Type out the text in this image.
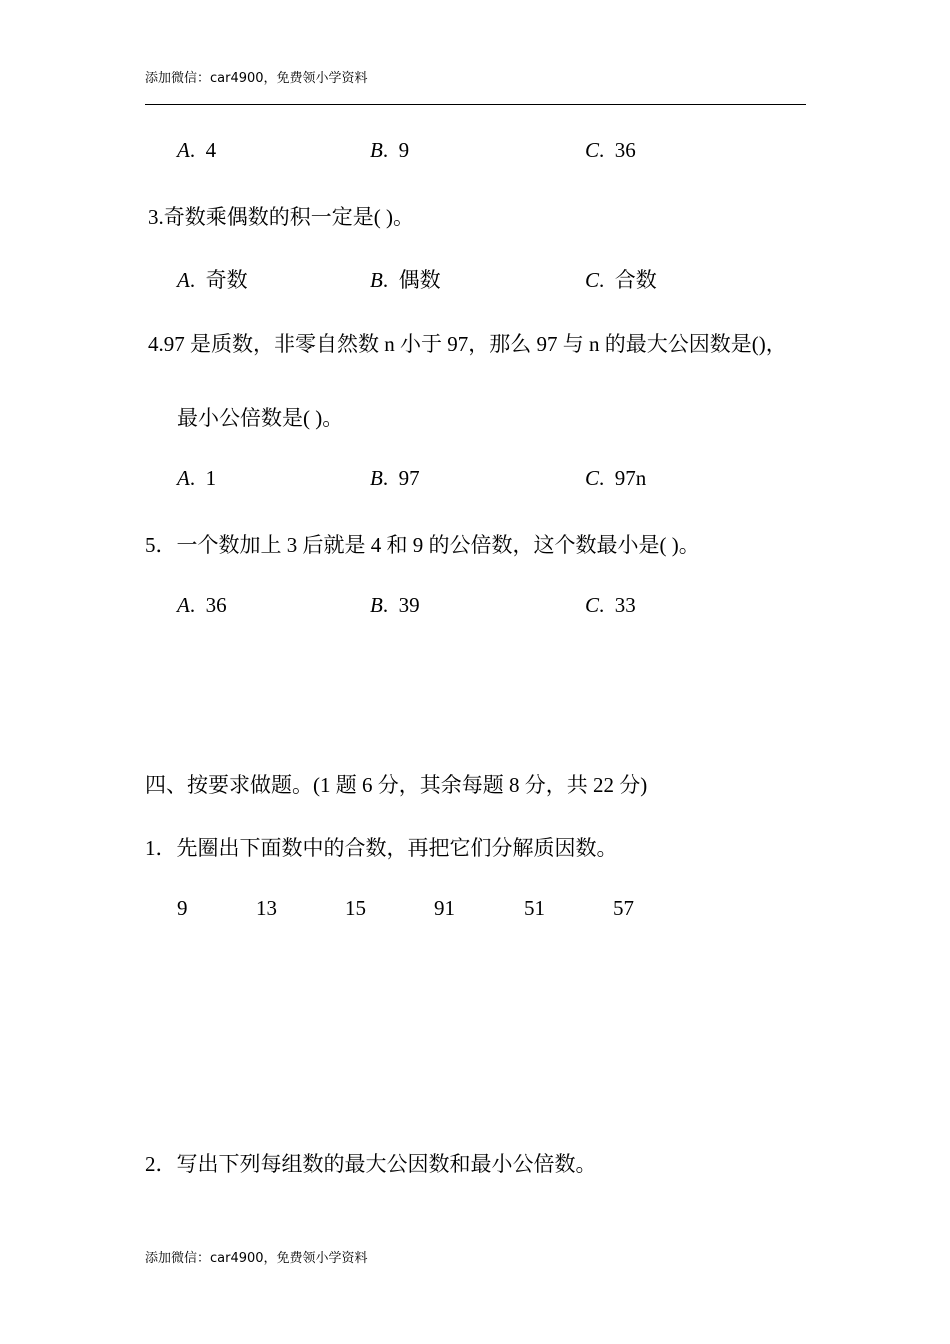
添加微信：car4900，免费领小学资料
A. 4	B. 9	C. 36
3.奇数乘偶数的积一定是( )。
A. 奇数	B. 偶数	C. 合数
4.97 是质数，非零自然数 n 小于 97，那么 97 与 n 的最大公因数是()，
最小公倍数是( )。
A. 1	B. 97	C. 97n
5．一个数加上 3 后就是 4 和 9 的公倍数，这个数最小是( )。
A. 36	B. 39	C. 33
四、按要求做题。(1 题 6 分，其余每题 8 分，共 22 分)
1．先圈出下面数中的合数，再把它们分解质因数。
9	13	15	91	51	57
2．写出下列每组数的最大公因数和最小公倍数。
添加微信：car4900，免费领小学资料
